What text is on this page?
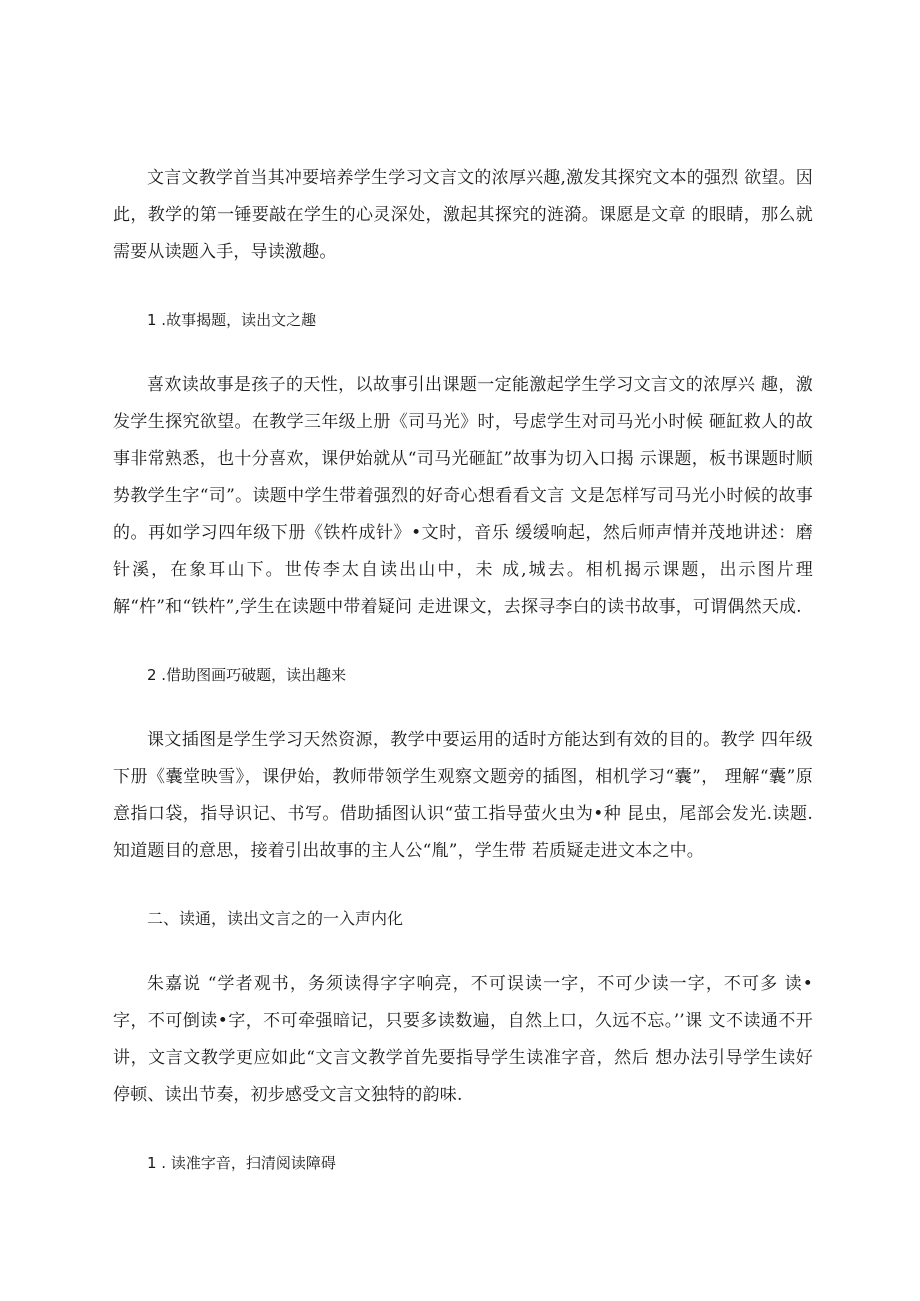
文言文教学首当其冲要培养学生学习文言文的浓厚兴趣,激发其探究文本的强烈 欲望。因此，教学的第一锤要敲在学生的心灵深处，激起其探究的涟漪。课愿是文章 的眼睛，那么就需要从读题入手，导读激趣。

1 .故事揭题，读出文之趣

喜欢读故事是孩子的天性，以故事引出课题一定能激起学生学习文言文的浓厚兴 趣，激发学生探究欲望。在教学三年级上册《司马光》时，号虑学生对司马光小时候 砸缸救人的故事非常熟悉，也十分喜欢，课伊始就从“司马光砸缸”故事为切入口揭 示课题，板书课题时顺势教学生字“司”。读题中学生带着强烈的好奇心想看看文言 文是怎样写司马光小时候的故事的。再如学习四年级下册《铁杵成针》•文时，音乐 缓缓响起，然后师声情并茂地讲述：磨针溪，在象耳山下。世传李太自读出山中，未 成,城去。相机揭示课题，出示图片理解“杵”和“铁杵”,学生在读题中带着疑问 走进课文，去探寻李白的读书故事，可谓偶然天成.

2 .借助图画巧破题，读出趣来

课文插图是学生学习天然资源，教学中要运用的适时方能达到有效的目的。教学 四年级下册《囊堂映雪》，课伊始，教师带领学生观察文题旁的插图，相机学习“囊”， 理解“囊”原意指口袋，指导识记、书写。借助插图认识“萤工指导萤火虫为•种 昆虫，尾部会发光.读题.知道题目的意思，接着引出故事的主人公“胤”，学生带 若质疑走进文本之中。

二、读通，读出文言之的一入声内化

朱嘉说 “学者观书，务须读得字字响亮，不可误读一字，不可少读一字，不可多 读•字，不可倒读•字，不可牵强暗记，只要多读数遍，自然上口，久远不忘。’’课 文不读通不开讲，文言文教学更应如此“文言文教学首先要指导学生读准字音，然后 想办法引导学生读好停顿、读出节奏，初步感受文言文独特的韵味.

1 . 读准字音，扫清阅读障碍
